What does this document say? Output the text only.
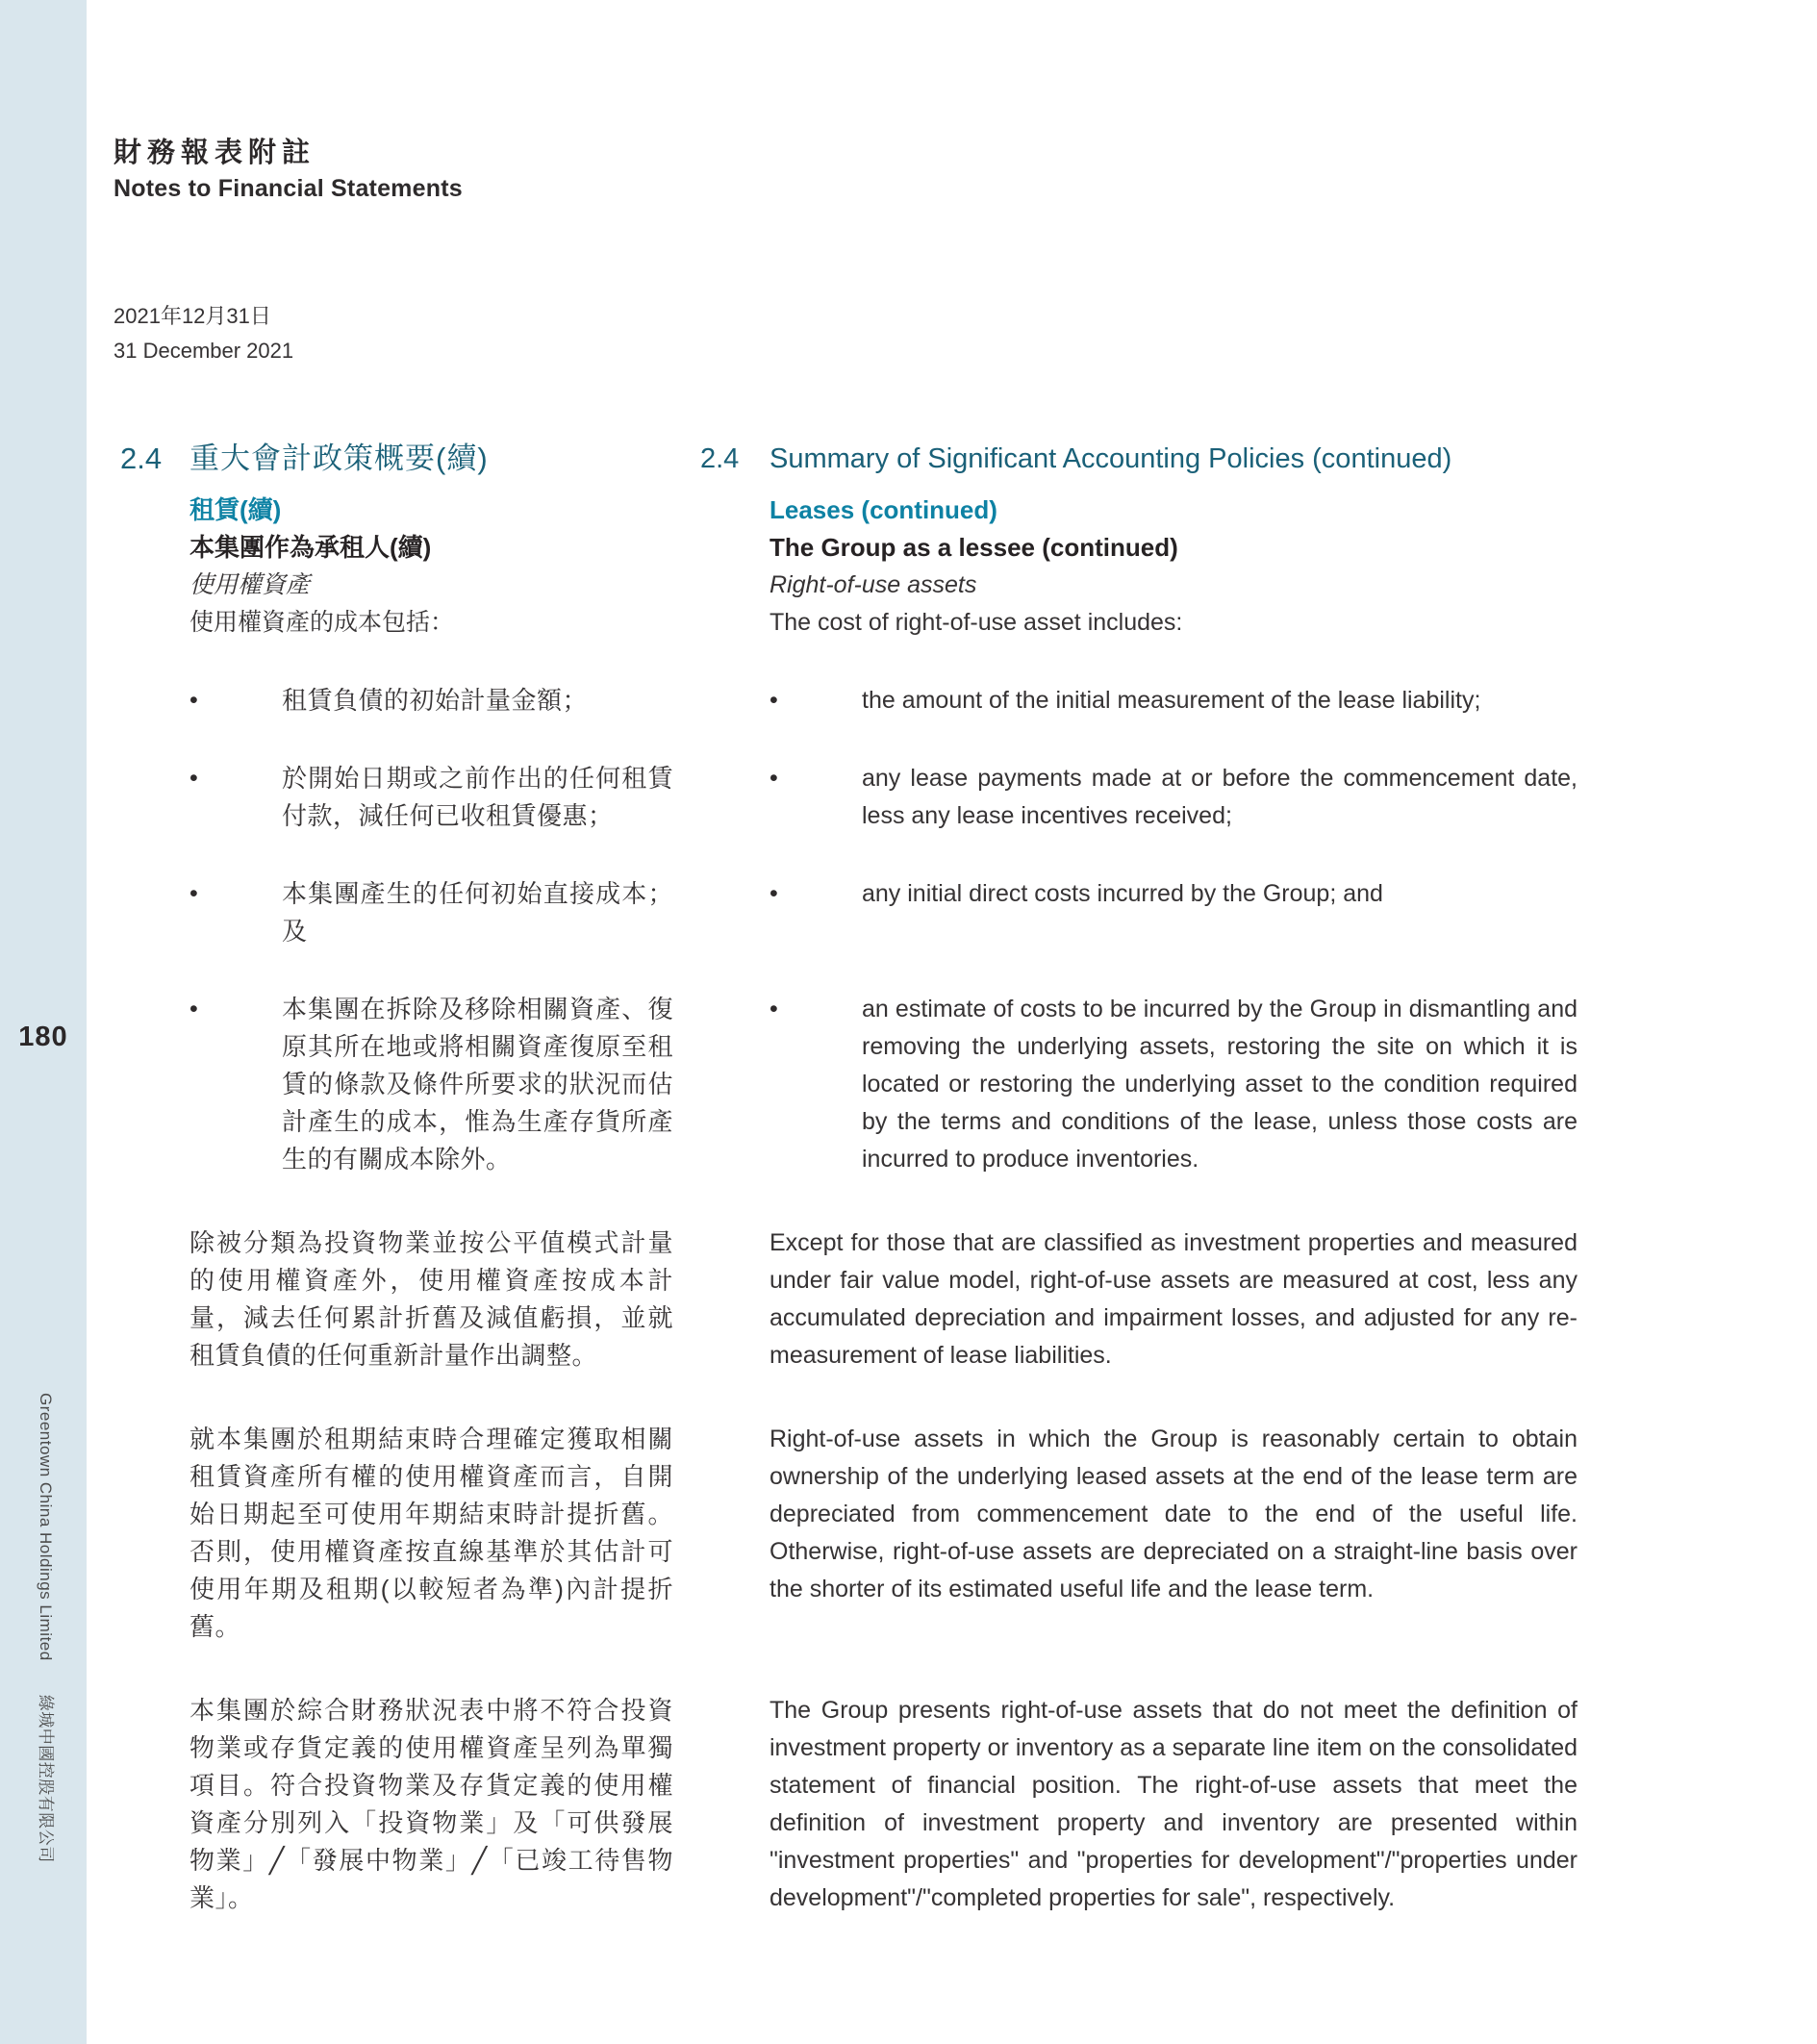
180
Greentown China Holdings Limited　　綠城中國控股有限公司
財務報表附註
Notes to Financial Statements
2021年12月31日
31 December 2021
2.4 重大會計政策概要(續)	2.4	Summary of Significant Accounting Policies (continued)
租賃(續)
本集團作為承租人(續)
使用權資產
使用權資產的成本包括：
Leases (continued)
The Group as a lessee (continued)
Right-of-use assets
The cost of right-of-use asset includes:
•	租賃負債的初始計量金額；	•	the amount of the initial measurement of the lease liability;
•	於開始日期或之前作出的任何租賃付款，減任何已收租賃優惠；
•	any lease payments made at or before the commencement date, less any lease incentives received;
•	本集團產生的任何初始直接成本；及
•	any initial direct costs incurred by the Group; and
•	本集團在拆除及移除相關資產、復原其所在地或將相關資產復原至租賃的條款及條件所要求的狀況而估計產生的成本，惟為生產存貨所產生的有關成本除外。
•	an estimate of costs to be incurred by the Group in dismantling and removing the underlying assets, restoring the site on which it is located or restoring the underlying asset to the condition required by the terms and conditions of the lease, unless those costs are incurred to produce inventories.
除被分類為投資物業並按公平值模式計量的使用權資產外，使用權資產按成本計量，減去任何累計折舊及減值虧損，並就租賃負債的任何重新計量作出調整。
Except for those that are classified as investment properties and measured under fair value model, right-of-use assets are measured at cost, less any accumulated depreciation and impairment losses, and adjusted for any re-measurement of lease liabilities.
就本集團於租期結束時合理確定獲取相關租賃資產所有權的使用權資產而言，自開始日期起至可使用年期結束時計提折舊。否則，使用權資產按直線基準於其估計可使用年期及租期(以較短者為準)內計提折舊。
Right-of-use assets in which the Group is reasonably certain to obtain ownership of the underlying leased assets at the end of the lease term are depreciated from commencement date to the end of the useful life. Otherwise, right-of-use assets are depreciated on a straight-line basis over the shorter of its estimated useful life and the lease term.
本集團於綜合財務狀況表中將不符合投資物業或存貨定義的使用權資產呈列為單獨項目。符合投資物業及存貨定義的使用權資產分別列入「投資物業」及「可供發展物業」╱「發展中物業」╱「已竣工待售物業」。
The Group presents right-of-use assets that do not meet the definition of investment property or inventory as a separate line item on the consolidated statement of financial position. The right-of-use assets that meet the definition of investment property and inventory are presented within "investment properties" and "properties for development"/"properties under development"/"completed properties for sale", respectively.
